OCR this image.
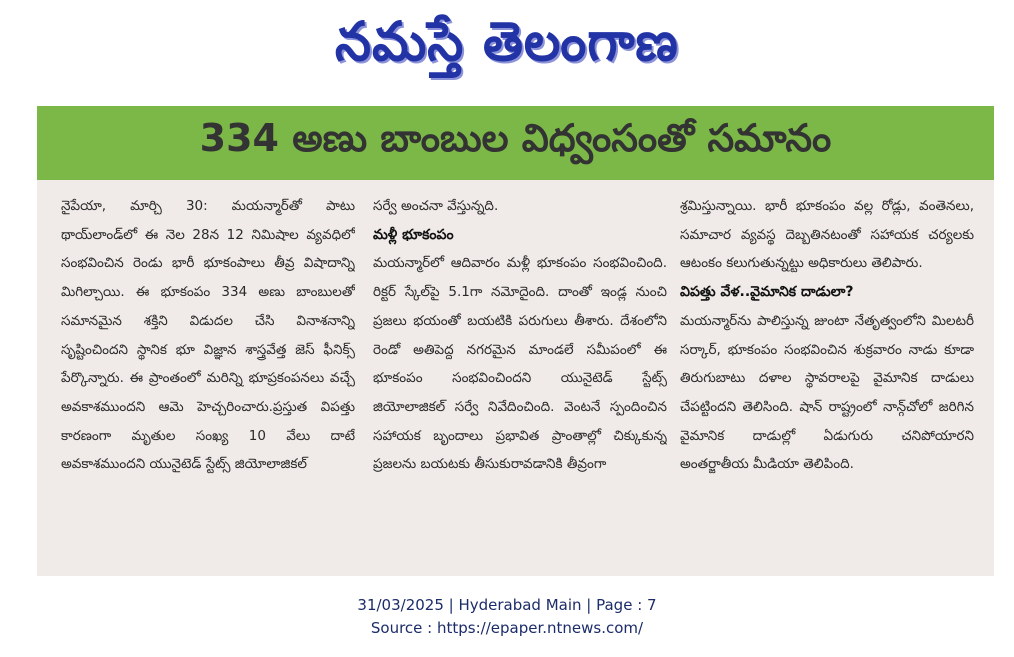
నమస్తే తెలంగాణ
334 అణు బాంబుల విధ్వంసంతో సమానం

నైపేయా, మార్చి 30: మయన్మార్‌తో పాటు థాయ్‌లాండ్‌లో ఈ నెల 28న 12 నిమిషాల వ్యవధిలో సంభవించిన రెండు భారీ భూకంపాలు తీవ్ర విషాదాన్ని మిగిల్చాయి. ఈ భూకంపం 334 అణు బాంబులతో సమానమైన శక్తిని విడుదల చేసి వినాశనాన్ని సృష్టించిందని స్థానిక భూ విజ్ఞాన శాస్త్రవేత్త జెస్ ఫీనిక్స్ పేర్కొన్నారు. ఈ ప్రాంతంలో మరిన్ని భూప్రకంపనలు వచ్చే అవకాశముందని ఆమె హెచ్చరించారు.ప్రస్తుత విపత్తు కారణంగా మృతుల సంఖ్య 10 వేలు దాటే అవకాశముందని యునైటెడ్ స్టేట్స్ జియోలాజికల్

సర్వే అంచనా వేస్తున్నది.

మళ్లీ భూకంపం

మయన్మార్‌లో ఆదివారం మళ్లీ భూకంపం సంభవించింది. రిక్టర్ స్కేల్‌పై 5.1గా నమోదైంది. దాంతో ఇండ్ల నుంచి ప్రజలు భయంతో బయటికి పరుగులు తీశారు. దేశంలోని రెండో అతిపెద్ద నగరమైన మాండలే సమీపంలో ఈ భూకంపం సంభవించిందని యునైటెడ్ స్టేట్స్ జియోలాజికల్ సర్వే నివేదించింది. వెంటనే స్పందించిన సహాయక బృందాలు ప్రభావిత ప్రాంతాల్లో చిక్కుకున్న ప్రజలను బయటకు తీసుకురావడానికి తీవ్రంగా

శ్రమిస్తున్నాయి. భారీ భూకంపం వల్ల రోడ్లు, వంతెనలు, సమాచార వ్యవస్థ దెబ్బతినటంతో సహాయక చర్యలకు ఆటంకం కలుగుతున్నట్టు అధికారులు తెలిపారు.

విపత్తు వేళ..వైమానిక దాడులా?

మయన్మార్‌ను పాలిస్తున్న జుంటా నేతృత్వంలోని మిలటరీ సర్కార్, భూకంపం సంభవించిన శుక్రవారం నాడు కూడా తిరుగుబాటు దళాల స్థావరాలపై వైమానిక దాడులు చేపట్టిందని తెలిసింది. షాన్ రాష్ట్రంలో నాన్గ్‌చోలో జరిగిన వైమానిక దాడుల్లో ఏడుగురు చనిపోయారని అంతర్జాతీయ మీడియా తెలిపింది.

31/03/2025 | Hyderabad Main | Page : 7
Source : https://epaper.ntnews.com/
